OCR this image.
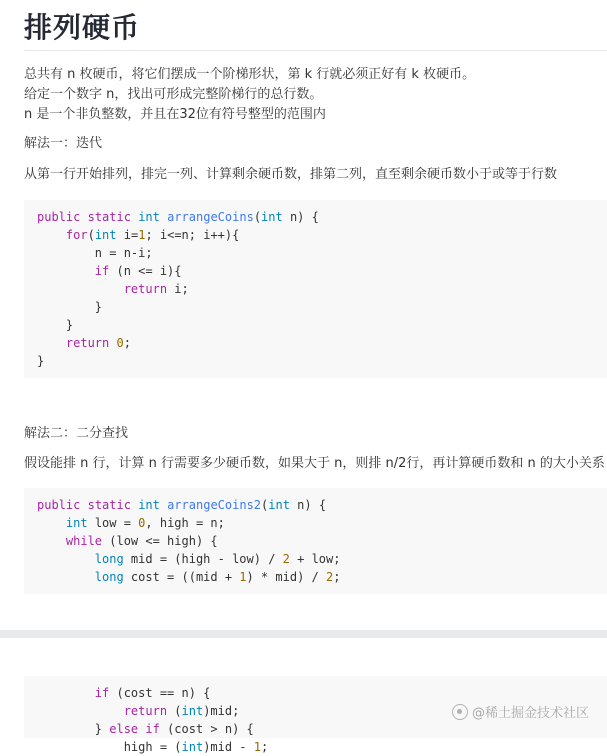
排列硬币
总共有 n 枚硬币，将它们摆成一个阶梯形状，第 k 行就必须正好有 k 枚硬币。
给定一个数字 n，找出可形成完整阶梯行的总行数。
n 是一个非负整数，并且在32位有符号整型的范围内
解法一：迭代
从第一行开始排列，排完一列、计算剩余硬币数，排第二列，直至剩余硬币数小于或等于行数
public static int arrangeCoins(int n) {
for(int i=1; i<=n; i++){
n = n-i;
if (n <= i){
return i;
}
}
return 0;
}
解法二：二分查找
假设能排 n 行，计算 n 行需要多少硬币数，如果大于 n，则排 n/2行，再计算硬币数和 n 的大小关系
public static int arrangeCoins2(int n) {
int low = 0, high = n;
while (low <= high) {
long mid = (high - low) / 2 + low;
long cost = ((mid + 1) * mid) / 2;
if (cost == n) {
return (int)mid;
} else if (cost > n) {
high = (int)mid - 1;
@稀土掘金技术社区
